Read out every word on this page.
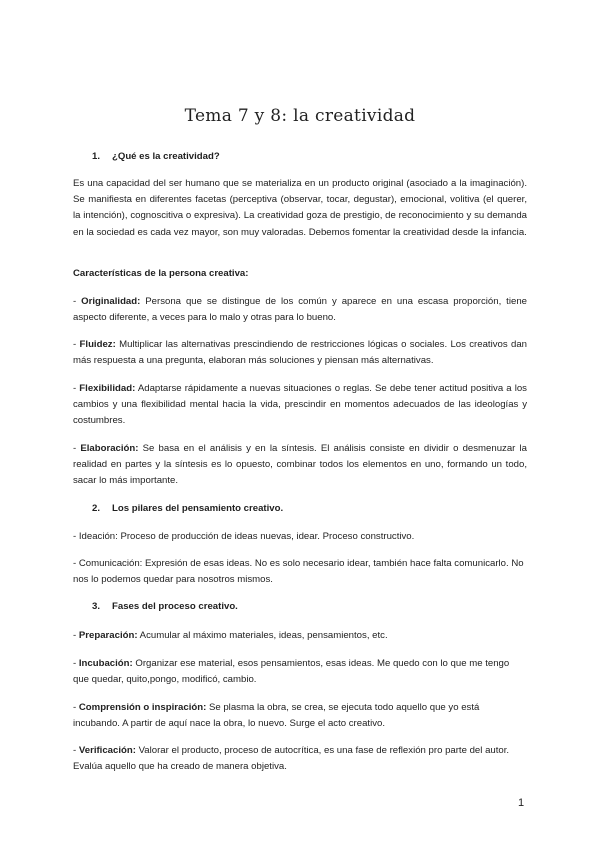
Tema 7 y 8: la creatividad
1. ¿Qué es la creatividad?
Es una capacidad del ser humano que se materializa en un producto original (asociado a la imaginación). Se manifiesta en diferentes facetas (perceptiva (observar, tocar, degustar), emocional, volitiva (el querer, la intención), cognoscitiva o expresiva). La creatividad goza de prestigio, de reconocimiento y su demanda en la sociedad es cada vez mayor, son muy valoradas. Debemos fomentar la creatividad desde la infancia.
Características de la persona creativa:
- Originalidad: Persona que se distingue de los común y aparece en una escasa proporción, tiene aspecto diferente, a veces para lo malo y otras para lo bueno.
- Fluidez: Multiplicar las alternativas prescindiendo de restricciones lógicas o sociales. Los creativos dan más respuesta a una pregunta, elaboran más soluciones y piensan más alternativas.
- Flexibilidad: Adaptarse rápidamente a nuevas situaciones o reglas. Se debe tener actitud positiva a los cambios y una flexibilidad mental hacia la vida, prescindir en momentos adecuados de las ideologías y costumbres.
- Elaboración: Se basa en el análisis y en la síntesis. El análisis consiste en dividir o desmenuzar la realidad en partes y la síntesis es lo opuesto, combinar todos los elementos en uno, formando un todo, sacar lo más importante.
2. Los pilares del pensamiento creativo.
- Ideación: Proceso de producción de ideas nuevas, idear. Proceso constructivo.
- Comunicación: Expresión de esas ideas. No es solo necesario idear, también hace falta comunicarlo. No nos lo podemos quedar para nosotros mismos.
3. Fases del proceso creativo.
- Preparación: Acumular al máximo materiales, ideas, pensamientos, etc.
- Incubación: Organizar ese material, esos pensamientos, esas ideas. Me quedo con lo que me tengo que quedar, quito,pongo, modificó, cambio.
- Comprensión o inspiración: Se plasma la obra, se crea, se ejecuta todo aquello que yo está incubando. A partir de aquí nace la obra, lo nuevo. Surge el acto creativo.
- Verificación: Valorar el producto, proceso de autocrítica, es una fase de reflexión pro parte del autor. Evalúa aquello que ha creado de manera objetiva.
1
